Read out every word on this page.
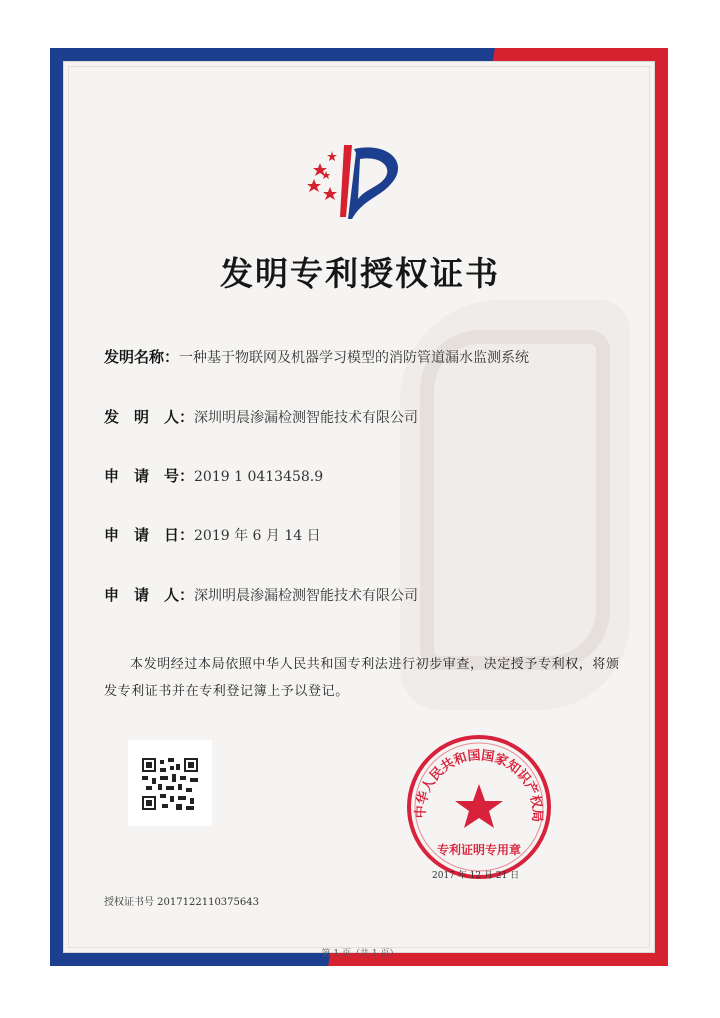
发明专利授权证书
发明名称：一种基于物联网及机器学习模型的消防管道漏水监测系统
发　明　人：深圳明晨渗漏检测智能技术有限公司
申　请　号：2019 1 0413458.9
申　请　日：2019 年 6 月 14 日
申　请　人：深圳明晨渗漏检测智能技术有限公司
本发明经过本局依照中华人民共和国专利法进行初步审查，决定授予专利权，将颁发专利证书并在专利登记簿上予以登记。
中华人民共和国国家知识产权局
专利证明专用章
2017 年 12 月 21 日
授权证书号 2017122110375643
第 1 页（共 1 页）
